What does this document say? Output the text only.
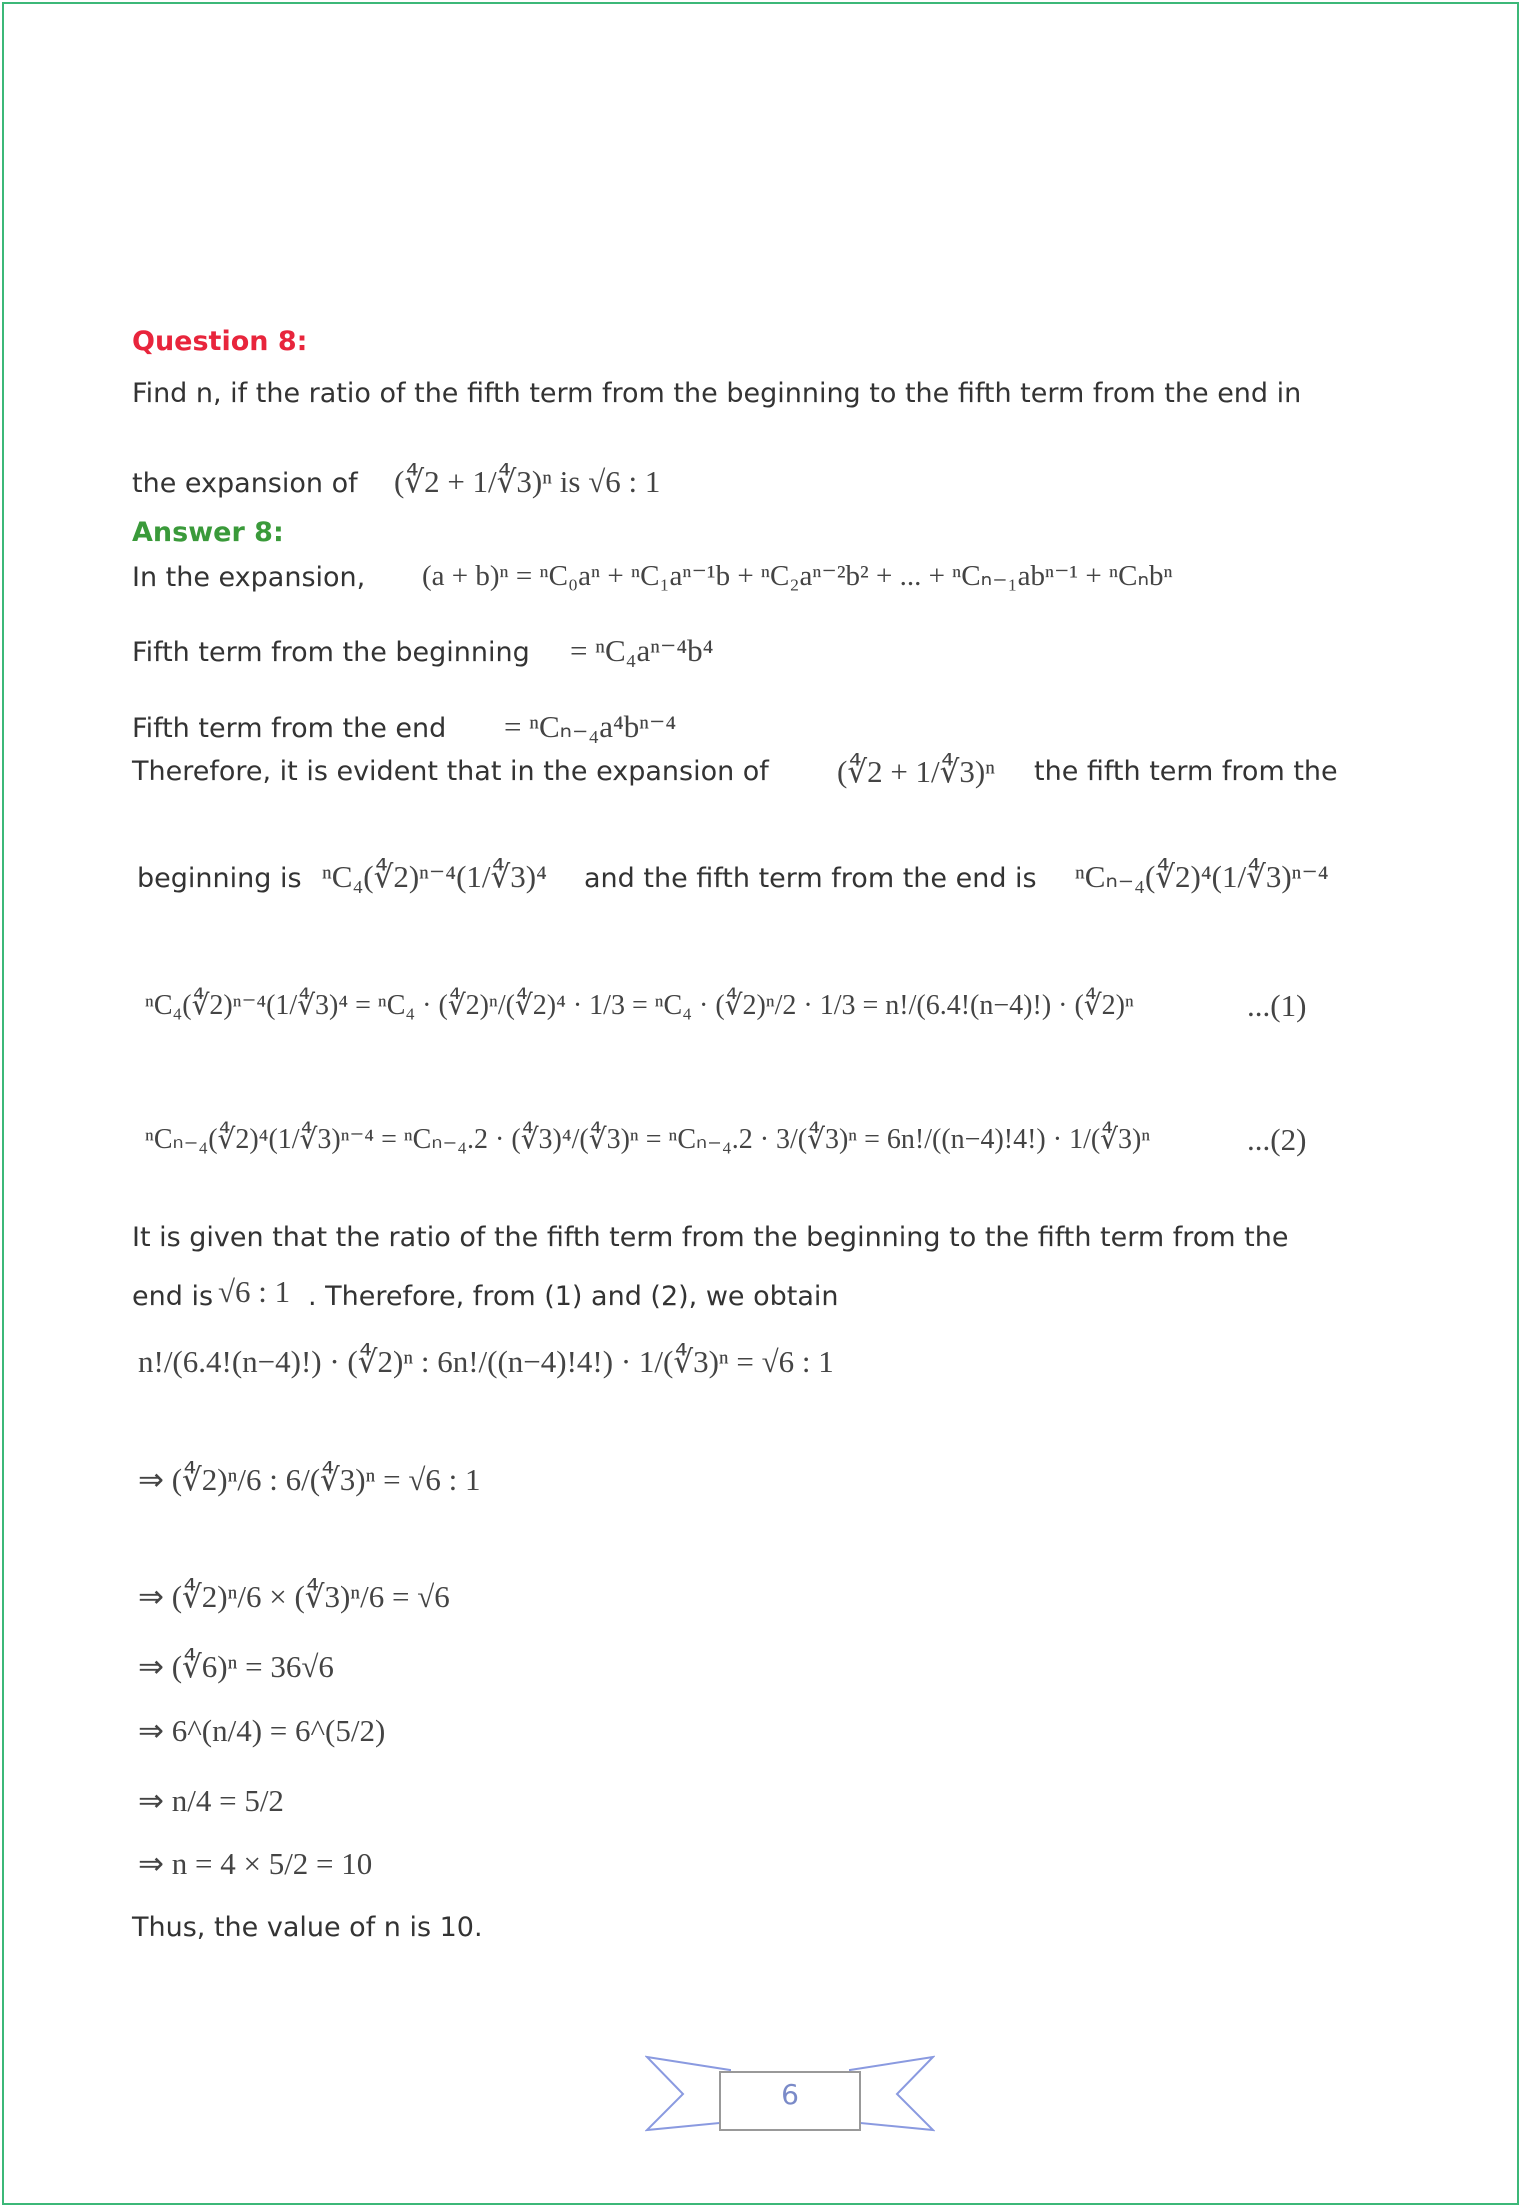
Question 8:
Find n, if the ratio of the fifth term from the beginning to the fifth term from the end in
the expansion of (∜2 + 1/∜3)ⁿ is √6 : 1
Answer 8:
In the expansion, (a + b)ⁿ = ⁿC₀aⁿ + ⁿC₁aⁿ⁻¹b + ⁿC₂aⁿ⁻²b² + ... + ⁿCₙ₋₁abⁿ⁻¹ + ⁿCₙbⁿ
Fifth term from the beginning = ⁿC₄aⁿ⁻⁴b⁴
Fifth term from the end = ⁿCₙ₋₄a⁴bⁿ⁻⁴
Therefore, it is evident that in the expansion of (∜2 + 1/∜3)ⁿ the fifth term from the
beginning is ⁿC₄(∜2)ⁿ⁻⁴(1/∜3)⁴ and the fifth term from the end is ⁿCₙ₋₄(∜2)⁴(1/∜3)ⁿ⁻⁴
ⁿC₄(∜2)ⁿ⁻⁴(1/∜3)⁴ = ⁿC₄ · (∜2)ⁿ/(∜2)⁴ · 1/3 = ⁿC₄ · (∜2)ⁿ/2 · 1/3 = n!/(6.4!(n−4)!) · (∜2)ⁿ	...(1)
ⁿCₙ₋₄(∜2)⁴(1/∜3)ⁿ⁻⁴ = ⁿCₙ₋₄.2 · (∜3)⁴/(∜3)ⁿ = ⁿCₙ₋₄.2 · 3/(∜3)ⁿ = 6n!/((n−4)!4!) · 1/(∜3)ⁿ	...(2)
It is given that the ratio of the fifth term from the beginning to the fifth term from the
end is √6 : 1 . Therefore, from (1) and (2), we obtain
n!/(6.4!(n−4)!) · (∜2)ⁿ : 6n!/((n−4)!4!) · 1/(∜3)ⁿ = √6 : 1
⇒ (∜2)ⁿ/6 : 6/(∜3)ⁿ = √6 : 1
⇒ (∜2)ⁿ/6 × (∜3)ⁿ/6 = √6
⇒ (∜6)ⁿ = 36√6
⇒ 6^(n/4) = 6^(5/2)
⇒ n/4 = 5/2
⇒ n = 4 × 5/2 = 10
Thus, the value of n is 10.
6
